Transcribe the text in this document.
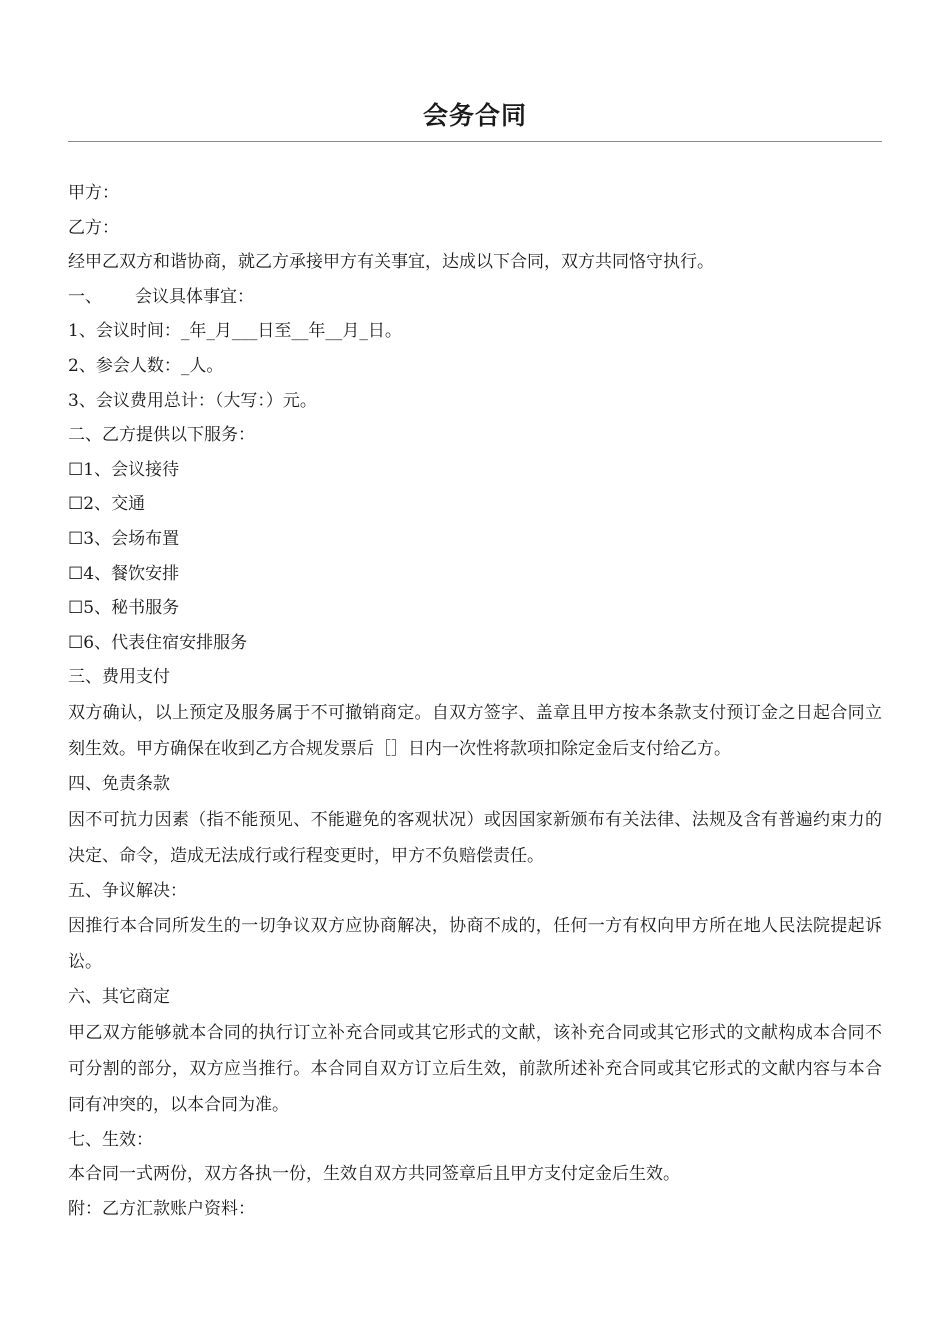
会务合同
甲方：
乙方：
经甲乙双方和谐协商，就乙方承接甲方有关事宜，达成以下合同，双方共同恪守执行。
一、 会议具体事宜：
1、会议时间：_年_月___日至__年__月_日。
2、参会人数：_人。
3、会议费用总计：（大写：）元。
二、乙方提供以下服务：
☐1、会议接待
☐2、交通
☐3、会场布置
☐4、餐饮安排
☐5、秘书服务
☐6、代表住宿安排服务
三、费用支付
双方确认，以上预定及服务属于不可撤销商定。自双方签字、盖章且甲方按本条款支付预订金之日起合同立刻生效。甲方确保在收到乙方合规发票后［］日内一次性将款项扣除定金后支付给乙方。
四、免责条款
因不可抗力因素（指不能预见、不能避免的客观状况）或因国家新颁布有关法律、法规及含有普遍约束力的决定、命令，造成无法成行或行程变更时，甲方不负赔偿责任。
五、争议解决：
因推行本合同所发生的一切争议双方应协商解决，协商不成的，任何一方有权向甲方所在地人民法院提起诉讼。
六、其它商定
甲乙双方能够就本合同的执行订立补充合同或其它形式的文献，该补充合同或其它形式的文献构成本合同不可分割的部分，双方应当推行。本合同自双方订立后生效，前款所述补充合同或其它形式的文献内容与本合同有冲突的，以本合同为准。
七、生效：
本合同一式两份，双方各执一份，生效自双方共同签章后且甲方支付定金后生效。
附：乙方汇款账户资料：
